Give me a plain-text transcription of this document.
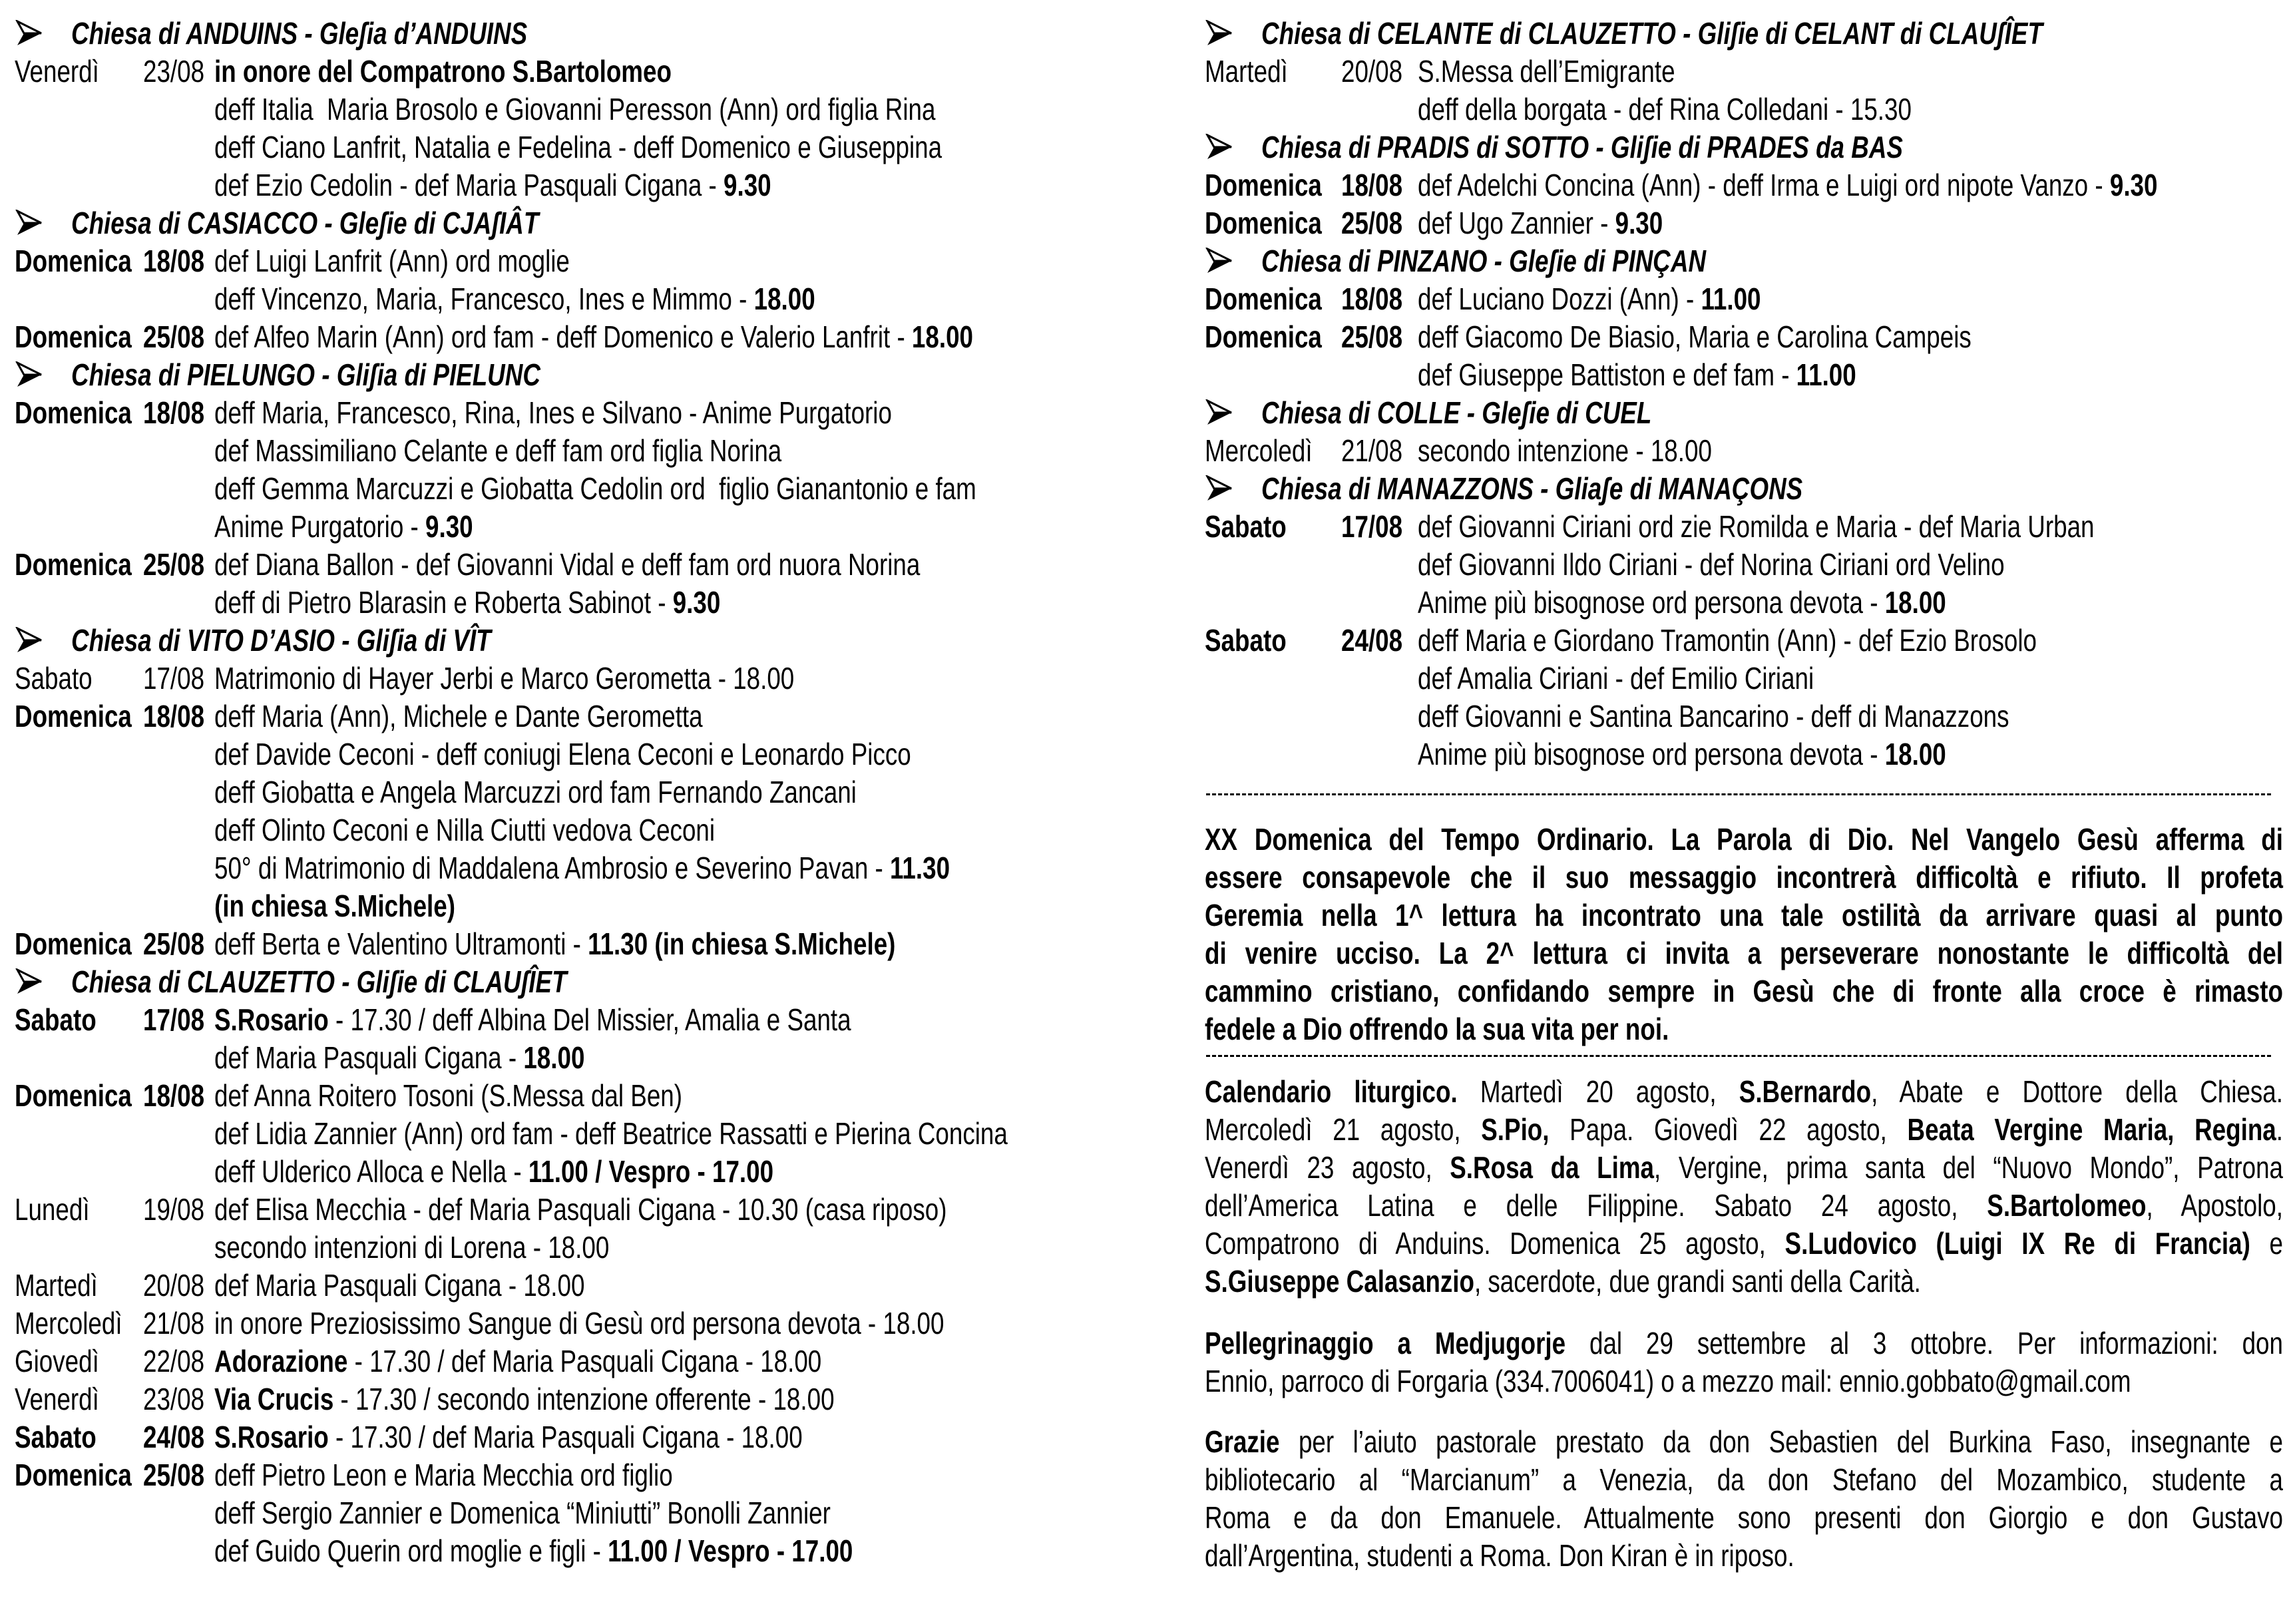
Chiesa di ANDUINS - Gleʃia d’ANDUINS
Venerdì	23/08 in onore del Compatrono S.Bartolomeo
deff Italia  Maria Brosolo e Giovanni Peresson (Ann) ord figlia Rina
deff Ciano Lanfrit, Natalia e Fedelina - deff Domenico e Giuseppina
def Ezio Cedolin - def Maria Pasquali Cigana - 9.30
Chiesa di CASIACCO - Gleʃie di CJAʃIÂT
Domenica 18/08 def Luigi Lanfrit (Ann) ord moglie
deff Vincenzo, Maria, Francesco, Ines e Mimmo - 18.00
Domenica 25/08 def Alfeo Marin (Ann) ord fam - deff Domenico e Valerio Lanfrit - 18.00
Chiesa di PIELUNGO - Gliʃia di PIELUNC
Domenica 18/08 deff Maria, Francesco, Rina, Ines e Silvano - Anime Purgatorio
def Massimiliano Celante e deff fam ord figlia Norina
deff Gemma Marcuzzi e Giobatta Cedolin ord  figlio Gianantonio e fam
Anime Purgatorio - 9.30
Domenica 25/08 def Diana Ballon - def Giovanni Vidal e deff fam ord nuora Norina
deff di Pietro Blarasin e Roberta Sabinot - 9.30
Chiesa di VITO D’ASIO - Gliʃia di VÎT
Sabato	17/08 Matrimonio di Hayer Jerbi e Marco Gerometta - 18.00
Domenica 18/08 deff Maria (Ann), Michele e Dante Gerometta
def Davide Ceconi - deff coniugi Elena Ceconi e Leonardo Picco
deff Giobatta e Angela Marcuzzi ord fam Fernando Zancani
deff Olinto Ceconi e Nilla Ciutti vedova Ceconi
50° di Matrimonio di Maddalena Ambrosio e Severino Pavan - 11.30
(in chiesa S.Michele)
Domenica 25/08 deff Berta e Valentino Ultramonti - 11.30 (in chiesa S.Michele)
Chiesa di CLAUZETTO - Gliʃie di CLAUʃÎET
Sabato	17/08 S.Rosario - 17.30 / deff Albina Del Missier, Amalia e Santa
def Maria Pasquali Cigana - 18.00
Domenica 18/08 def Anna Roitero Tosoni (S.Messa dal Ben)
def Lidia Zannier (Ann) ord fam - deff Beatrice Rassatti e Pierina Concina
deff Ulderico Alloca e Nella - 11.00 / Vespro - 17.00
Lunedì	19/08 def Elisa Mecchia - def Maria Pasquali Cigana - 10.30 (casa riposo)
secondo intenzioni di Lorena - 18.00
Martedì	20/08 def Maria Pasquali Cigana - 18.00
Mercoledì 21/08 in onore Preziosissimo Sangue di Gesù ord persona devota - 18.00
Giovedì	22/08 Adorazione - 17.30 / def Maria Pasquali Cigana - 18.00
Venerdì	23/08 Via Crucis - 17.30 / secondo intenzione offerente - 18.00
Sabato	24/08 S.Rosario - 17.30 / def Maria Pasquali Cigana - 18.00
Domenica 25/08 deff Pietro Leon e Maria Mecchia ord figlio
deff Sergio Zannier e Domenica “Miniutti” Bonolli Zannier
def Guido Querin ord moglie e figli - 11.00 / Vespro - 17.00
Chiesa di CELANTE di CLAUZETTO - Gliʃie di CELANT di CLAUʃÎET
Martedì	20/08 S.Messa dell’Emigrante
deff della borgata - def Rina Colledani - 15.30
Chiesa di PRADIS di SOTTO - Gliʃie di PRADES da BAS
Domenica 18/08 def Adelchi Concina (Ann) - deff Irma e Luigi ord nipote Vanzo - 9.30
Domenica 25/08 def Ugo Zannier - 9.30
Chiesa di PINZANO - Gleʃie di PINÇAN
Domenica 18/08 def Luciano Dozzi (Ann) - 11.00
Domenica 25/08 deff Giacomo De Biasio, Maria e Carolina Campeis
def Giuseppe Battiston e def fam - 11.00
Chiesa di COLLE - Gleʃie di CUEL
Mercoledì 21/08 secondo intenzione - 18.00
Chiesa di MANAZZONS - Gliaʃe di MANAÇONS
Sabato	17/08 def Giovanni Ciriani ord zie Romilda e Maria - def Maria Urban
def Giovanni Ildo Ciriani - def Norina Ciriani ord Velino
Anime più bisognose ord persona devota - 18.00
Sabato	24/08 deff Maria e Giordano Tramontin (Ann) - def Ezio Brosolo
def Amalia Ciriani - def Emilio Ciriani
deff Giovanni e Santina Bancarino - deff di Manazzons
Anime più bisognose ord persona devota - 18.00
XX Domenica del Tempo Ordinario. La Parola di Dio. Nel Vangelo Gesù afferma di
essere consapevole che il suo messaggio incontrerà difficoltà e rifiuto. Il profeta
Geremia nella 1^ lettura ha incontrato una tale ostilità da arrivare quasi al punto
di venire ucciso. La 2^ lettura ci invita a perseverare nonostante le difficoltà del
cammino cristiano, confidando sempre in Gesù che di fronte alla croce è rimasto
fedele a Dio offrendo la sua vita per noi.
Calendario liturgico. Martedì 20 agosto, S.Bernardo, Abate e Dottore della Chiesa.
Mercoledì 21 agosto, S.Pio, Papa. Giovedì 22 agosto, Beata Vergine Maria, Regina.
Venerdì 23 agosto, S.Rosa da Lima, Vergine, prima santa del “Nuovo Mondo”, Patrona
dell’America Latina e delle Filippine. Sabato 24 agosto, S.Bartolomeo, Apostolo,
Compatrono di Anduins. Domenica 25 agosto, S.Ludovico (Luigi IX Re di Francia) e
S.Giuseppe Calasanzio, sacerdote, due grandi santi della Carità.
Pellegrinaggio a Medjugorje dal 29 settembre al 3 ottobre. Per informazioni: don
Ennio, parroco di Forgaria (334.7006041) o a mezzo mail: ennio.gobbato@gmail.com
Grazie per l’aiuto pastorale prestato da don Sebastien del Burkina Faso, insegnante e
bibliotecario al “Marcianum” a Venezia, da don Stefano del Mozambico, studente a
Roma e da don Emanuele. Attualmente sono presenti don Giorgio e don Gustavo
dall’Argentina, studenti a Roma. Don Kiran è in riposo.
